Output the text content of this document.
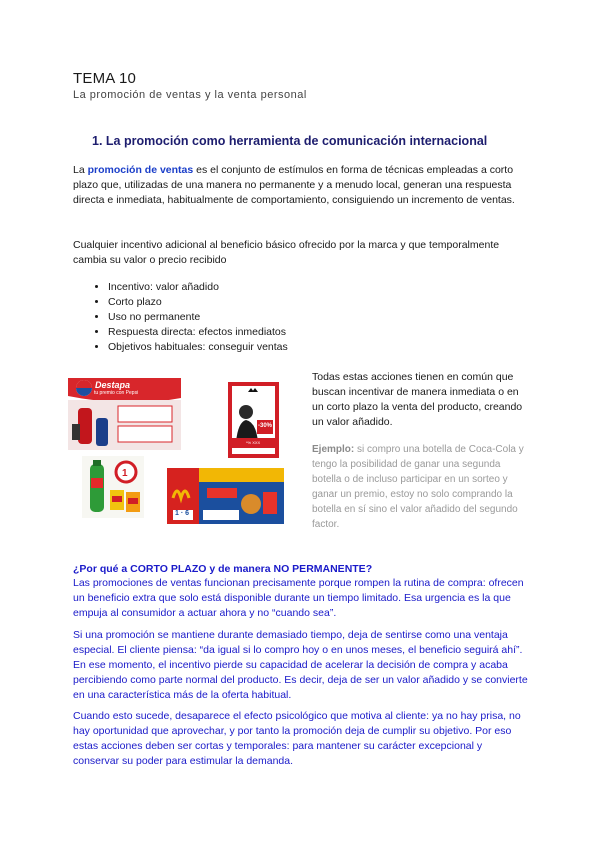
TEMA 10
La promoción de ventas y la venta personal
1. La promoción como herramienta de comunicación internacional
La promoción de ventas es el conjunto de estímulos en forma de técnicas empleadas a corto plazo que, utilizadas de una manera no permanente y a menudo local, generan una respuesta directa e inmediata, habitualmente de comportamiento, consiguiendo un incremento de ventas.
Cualquier incentivo adicional al beneficio básico ofrecido por la marca y que temporalmente cambia su valor o precio recibido
• Incentivo: valor añadido
• Corto plazo
• Uso no permanente
• Respuesta directa: efectos inmediatos
• Objetivos habituales: conseguir ventas
Destapa
tu premio con Pepsi
-30%
*% XXX
1
1 · 6
Todas estas acciones tienen en común que buscan incentivar de manera inmediata o en un corto plazo la venta del producto, creando un valor añadido.
Ejemplo: si compro una botella de Coca-Cola y tengo la posibilidad de ganar una segunda botella o de incluso participar en un sorteo y ganar un premio, estoy no solo comprando la botella en sí sino el valor añadido del segundo factor.
¿Por qué a CORTO PLAZO y de manera NO PERMANENTE?
Las promociones de ventas funcionan precisamente porque rompen la rutina de compra: ofrecen un beneficio extra que solo está disponible durante un tiempo limitado. Esa urgencia es la que empuja al consumidor a actuar ahora y no “cuando sea”.
Si una promoción se mantiene durante demasiado tiempo, deja de sentirse como una ventaja especial. El cliente piensa: “da igual si lo compro hoy o en unos meses, el beneficio seguirá ahí”. En ese momento, el incentivo pierde su capacidad de acelerar la decisión de compra y acaba percibiendo como parte normal del producto. Es decir, deja de ser un valor añadido y se convierte en una característica más de la oferta habitual.
Cuando esto sucede, desaparece el efecto psicológico que motiva al cliente: ya no hay prisa, no hay oportunidad que aprovechar, y por tanto la promoción deja de cumplir su objetivo. Por eso estas acciones deben ser cortas y temporales: para mantener su carácter excepcional y conservar su poder para estimular la demanda.
